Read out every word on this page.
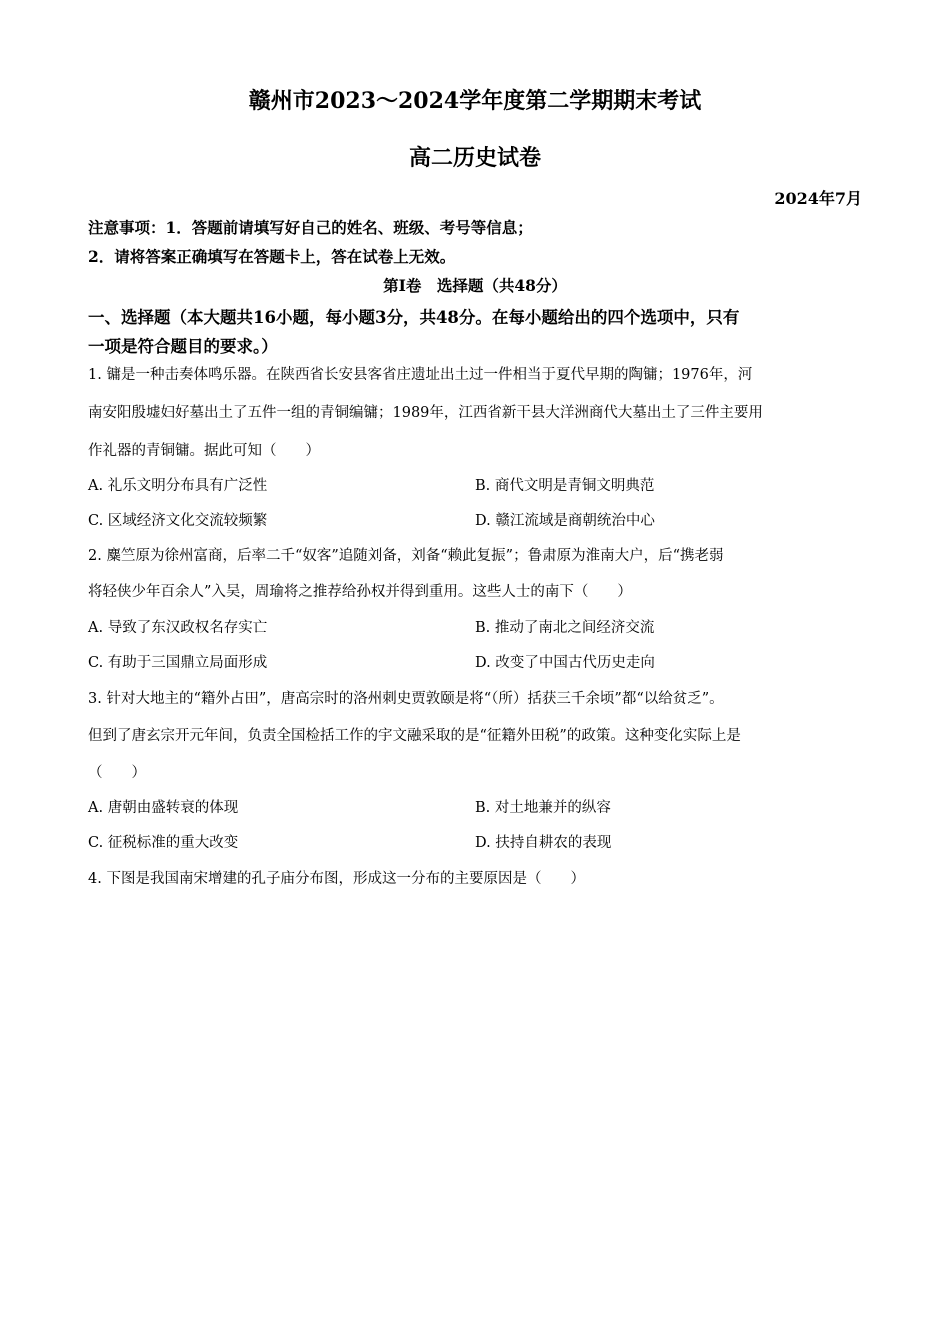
赣州市2023～2024学年度第二学期期末考试
高二历史试卷
2024年7月
注意事项：1．答题前请填写好自己的姓名、班级、考号等信息；
2．请将答案正确填写在答题卡上，答在试卷上无效。
第Ⅰ卷　选择题（共48分）
一、选择题（本大题共16小题，每小题3分，共48分。在每小题给出的四个选项中，只有
一项是符合题目的要求。）
1. 镛是一种击奏体鸣乐器。在陕西省长安县客省庄遗址出土过一件相当于夏代早期的陶镛；1976年，河
南安阳殷墟妇好墓出土了五件一组的青铜编镛；1989年，江西省新干县大洋洲商代大墓出土了三件主要用
作礼器的青铜镛。据此可知（　　）
A. 礼乐文明分布具有广泛性	B. 商代文明是青铜文明典范
C. 区域经济文化交流较频繁	D. 赣江流域是商朝统治中心
2. 麋竺原为徐州富商，后率二千“奴客”追随刘备，刘备“赖此复振”；鲁肃原为淮南大户，后“携老弱
将轻侠少年百余人”入吴，周瑜将之推荐给孙权并得到重用。这些人士的南下（　　）
A. 导致了东汉政权名存实亡	B. 推动了南北之间经济交流
C. 有助于三国鼎立局面形成	D. 改变了中国古代历史走向
3. 针对大地主的“籍外占田”，唐高宗时的洛州刺史贾敦颐是将“（所）括获三千余顷”都“以给贫乏”。
但到了唐玄宗开元年间，负责全国检括工作的宇文融采取的是“征籍外田税”的政策。这种变化实际上是
（　　）
A. 唐朝由盛转衰的体现	B. 对土地兼并的纵容
C. 征税标准的重大改变	D. 扶持自耕农的表现
4. 下图是我国南宋增建的孔子庙分布图，形成这一分布的主要原因是（　　）
